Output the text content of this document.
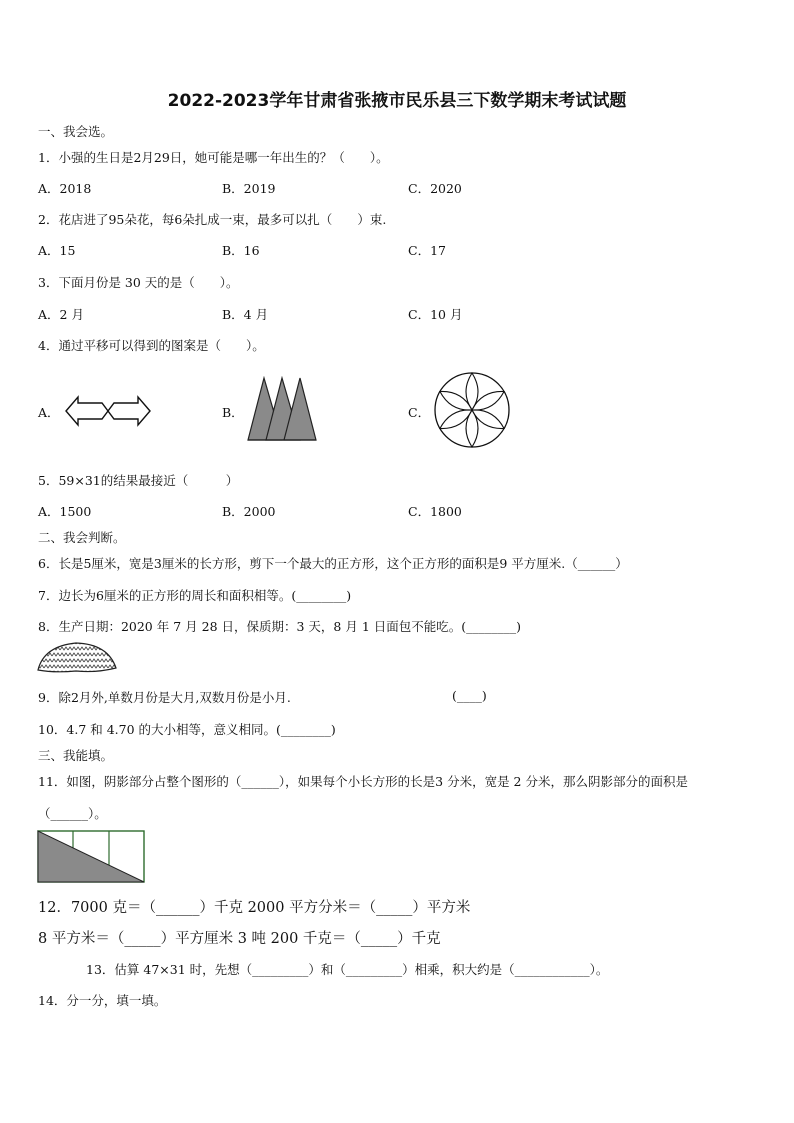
2022-2023学年甘肃省张掖市民乐县三下数学期末考试试题
一、我会选。
1．小强的生日是2月29日，她可能是哪一年出生的？（　　）。
A．2018	B．2019	C．2020
2．花店进了95朵花，每6朵扎成一束，最多可以扎（　　）束.
A．15	B．16	C．17
3．下面月份是 30 天的是（　　）。
A．2 月	B．4 月	C．10 月
4．通过平移可以得到的图案是（　　）。
A．	B．	C．
5．59×31的结果最接近（　　　）
A．1500	B．2000	C．1800
二、我会判断。
6．长是5厘米，宽是3厘米的长方形，剪下一个最大的正方形，这个正方形的面积是9 平方厘米.（______）
7．边长为6厘米的正方形的周长和面积相等。(________)
8．生产日期：2020 年 7 月 28 日，保质期：3 天，8 月 1 日面包不能吃。(________)
9．除2月外,单数月份是大月,双数月份是小月.	(____)
10．4.7 和 4.70 的大小相等，意义相同。(________)
三、我能填。
11．如图，阴影部分占整个图形的（______），如果每个小长方形的长是3 分米，宽是 2 分米，那么阴影部分的面积是
（______）。
12．7000 克＝（______）千克 2000 平方分米＝（_____）平方米
8 平方米＝（_____）平方厘米 3 吨 200 千克＝（_____）千克
13．估算 47×31 时，先想（_________）和（_________）相乘，积大约是（____________）。
14．分一分，填一填。
